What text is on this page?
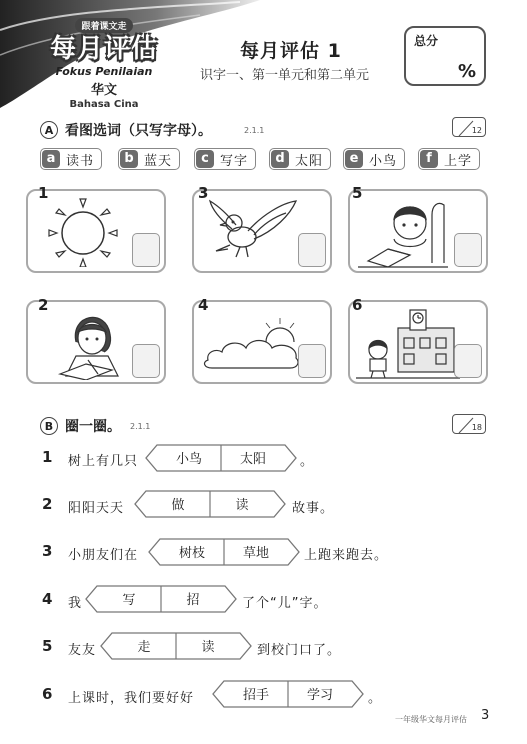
跟着课文走
每月评估
Fokus Penilaian
华文
Bahasa Cina
每月评估 1
识字一、第一单元和第二单元
总分
%
A 看图选词（只写字母）。	2.1.1	12
a 读书	b 蓝天	c 写字	d 太阳	e 小鸟	f 上学
1	3	5
2	4	6
B 圈一圈。 2.1.1	18
1 树上有几只	小鸟	太阳	。
2 阳阳天天	做	读	故事。
3 小朋友们在	树枝	草地	上跑来跑去。
4 我	写	招	了个“儿”字。
5 友友	走	读	到校门口了。
6 上课时，我们要好好	招手	学习	。
一年级华文每月评估 3
